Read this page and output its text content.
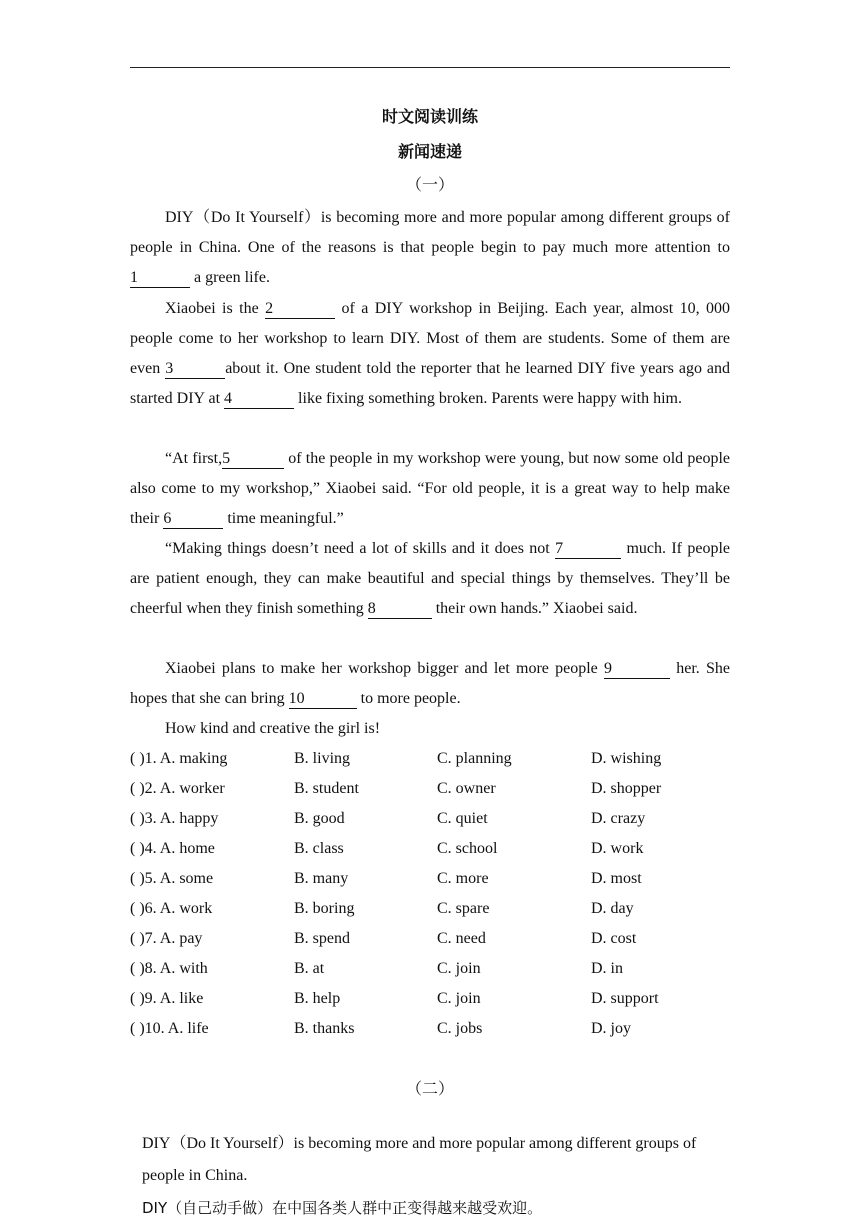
时文阅读训练
新闻速递
（一）
DIY（Do It Yourself）is becoming more and more popular among different groups of people in China. One of the reasons is that people begin to pay much more attention to 1	a green life.
Xiaobei is the 2	of a DIY workshop in Beijing. Each year, almost 10, 000 people come to her workshop to learn DIY. Most of them are students. Some of them are even 3	about it. One student told the reporter that he learned DIY five years ago and started DIY at 4	like fixing something broken. Parents were happy with him.
“At first,5	of the people in my workshop were young, but now some old people also come to my workshop,” Xiaobei said. “For old people, it is a great way to help make their 6	time meaningful.”
“Making things doesn’t need a lot of skills and it does not 7	much. If people are patient enough, they can make beautiful and special things by themselves. They’ll be cheerful when they finish something 8	their own hands.” Xiaobei said.
Xiaobei plans to make her workshop bigger and let more people 9	her. She hopes that she can bring 10	to more people.
How kind and creative the girl is!
( )1. A. making	B. living	C. planning	D. wishing
( )2. A. worker	B. student	C. owner	D. shopper
( )3. A. happy	B. good	C. quiet	D. crazy
( )4. A. home	B. class	C. school	D. work
( )5. A. some	B. many	C. more	D. most
( )6. A. work	B. boring	C. spare	D. day
( )7. A. pay	B. spend	C. need	D. cost
( )8. A. with	B. at	C. join	D. in
( )9. A. like	B. help	C. join	D. support
( )10. A. life	B. thanks	C. jobs	D. joy
（二）
DIY（Do It Yourself）is becoming more and more popular among different groups of people in China.
DIY（自己动手做）在中国各类人群中正变得越来越受欢迎。
